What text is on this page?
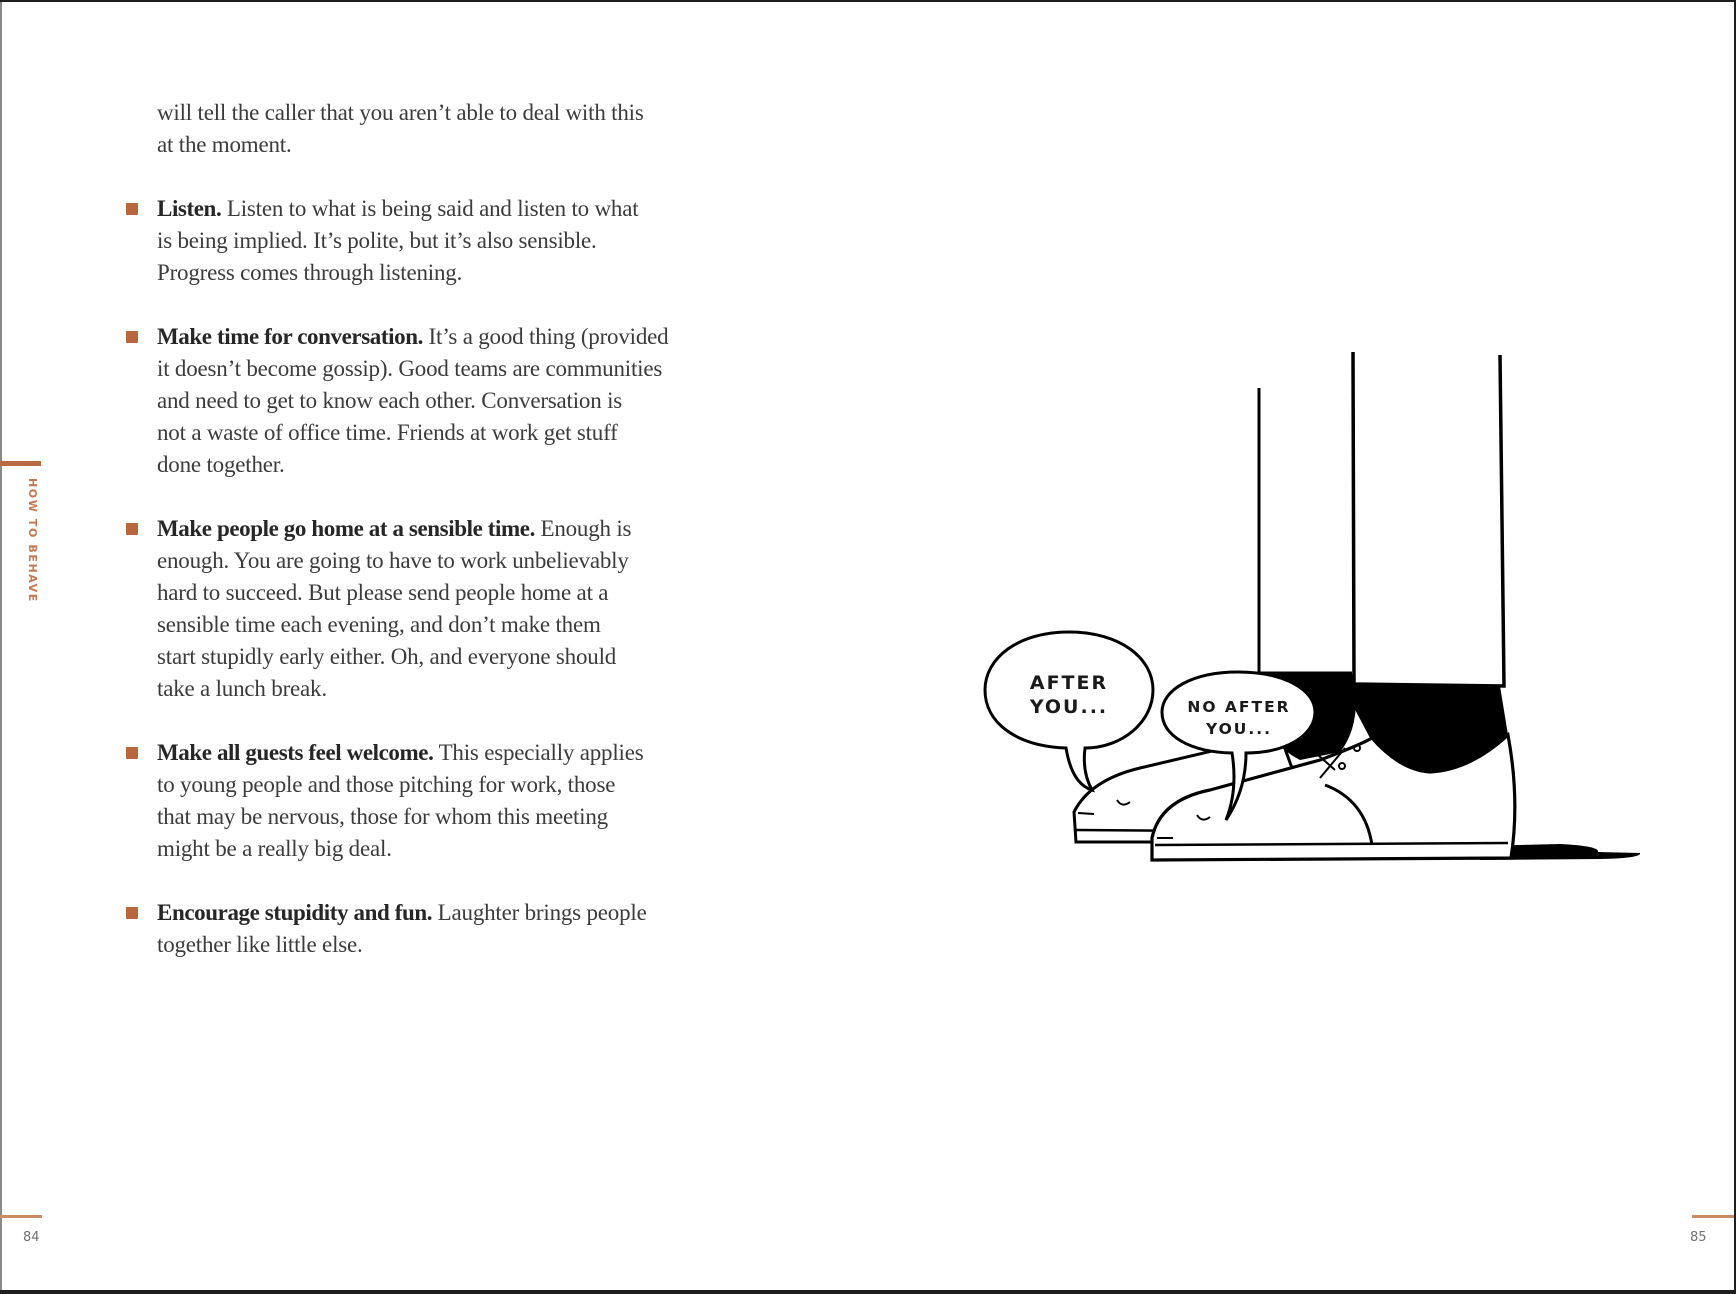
HOW TO BEHAVE
will tell the caller that you aren’t able to deal with this
at the moment.
Listen. Listen to what is being said and listen to what
is being implied. It’s polite, but it’s also sensible.
Progress comes through listening.
Make time for conversation. It’s a good thing (provided
it doesn’t become gossip). Good teams are communities
and need to get to know each other. Conversation is
not a waste of office time. Friends at work get stuff
done together.
Make people go home at a sensible time. Enough is
enough. You are going to have to work unbelievably
hard to succeed. But please send people home at a
sensible time each evening, and don’t make them
start stupidly early either. Oh, and everyone should
take a lunch break.
Make all guests feel welcome. This especially applies
to young people and those pitching for work, those
that may be nervous, those for whom this meeting
might be a really big deal.
Encourage stupidity and fun. Laughter brings people
together like little else.
AFTER
YOU...	NO AFTER
YOU...
84	85
